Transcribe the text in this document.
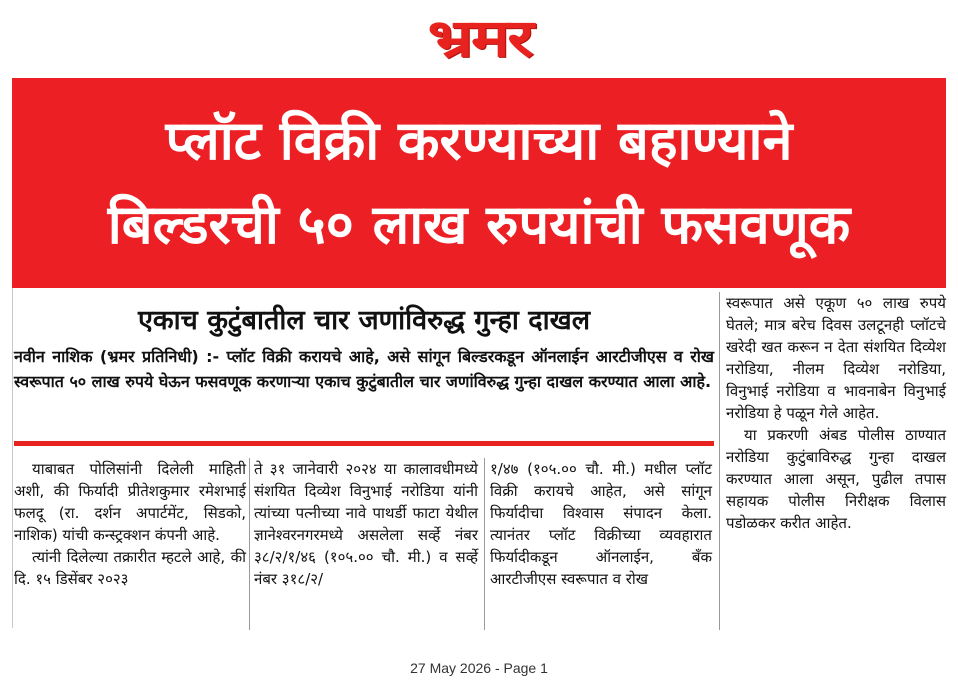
भ्रमर
प्लॉट विक्री करण्याच्या बहाण्याने
बिल्डरची ५० लाख रुपयांची फसवणूक
एकाच कुटुंबातील चार जणांविरुद्ध गुन्हा दाखल
नवीन नाशिक (भ्रमर प्रतिनिधी) :- प्लॉट विक्री करायचे आहे, असे सांगून बिल्डरकडून ऑनलाईन आरटीजीएस व रोख स्वरूपात ५० लाख रुपये घेऊन फसवणूक करणाऱ्या एकाच कुटुंबातील चार जणांविरुद्ध गुन्हा दाखल करण्यात आला आहे.

याबाबत पोलिसांनी दिलेली माहिती अशी, की फिर्यादी प्रीतेशकुमार रमेशभाई फलदू (रा. दर्शन अपार्टमेंट, सिडको, नाशिक) यांची कन्स्ट्रक्शन कंपनी आहे.

त्यांनी दिलेल्या तक्रारीत म्हटले आहे, की दि. १५ डिसेंबर २०२३

ते ३१ जानेवारी २०२४ या कालावधीमध्ये संशयित दिव्येश विनुभाई नरोडिया यांनी त्यांच्या पत्नीच्या नावे पाथर्डी फाटा येथील ज्ञानेश्वरनगरमध्ये असलेला सर्व्हे नंबर ३८/२/१/४६ (१०५.०० चौ. मी.) व सर्व्हे नंबर ३१८/२/

१/४७ (१०५.०० चौ. मी.) मधील प्लॉट विक्री करायचे आहेत, असे सांगून फिर्यादीचा विश्वास संपादन केला. त्यानंतर प्लॉट विक्रीच्या व्यवहारात फिर्यादीकडून ऑनलाईन, बँक आरटीजीएस स्वरूपात व रोख

स्वरूपात असे एकूण ५० लाख रुपये घेतले; मात्र बरेच दिवस उलटूनही प्लॉटचे खरेदी खत करून न देता संशयित दिव्येश नरोडिया, नीलम दिव्येश नरोडिया, विनुभाई नरोडिया व भावनाबेन विनुभाई नरोडिया हे पळून गेले आहेत.

या प्रकरणी अंबड पोलीस ठाण्यात नरोडिया कुटुंबाविरुद्ध गुन्हा दाखल करण्यात आला असून, पुढील तपास सहायक पोलीस निरीक्षक विलास पडोळकर करीत आहेत.

27 May 2026 - Page 1
